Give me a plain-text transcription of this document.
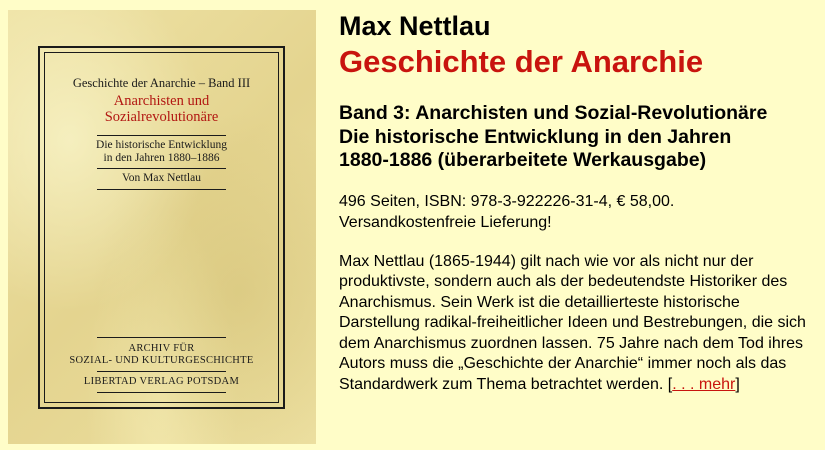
Geschichte der Anarchie – Band III
Anarchisten und
Sozialrevolutionäre
Die historische Entwicklung
in den Jahren 1880–1886
Von Max Nettlau
ARCHIV FÜR
SOZIAL- UND KULTURGESCHICHTE
LIBERTAD VERLAG POTSDAM
Max Nettlau
Geschichte der Anarchie
Band 3: Anarchisten und Sozial-Revolutionäre
Die historische Entwicklung in den Jahren
1880-1886 (überarbeitete Werkausgabe)
496 Seiten, ISBN: 978-3-922226-31-4, € 58,00.
Versandkostenfreie Lieferung!
Max Nettlau (1865-1944) gilt nach wie vor als nicht nur der produktivste, sondern auch als der bedeutendste Historiker des Anarchismus. Sein Werk ist die detaillierteste historische Darstellung radikal-freiheitlicher Ideen und Bestrebungen, die sich dem Anarchismus zuordnen lassen. 75 Jahre nach dem Tod ihres Autors muss die „Geschichte der Anarchie“ immer noch als das Standardwerk zum Thema betrachtet werden. [. . . mehr]
